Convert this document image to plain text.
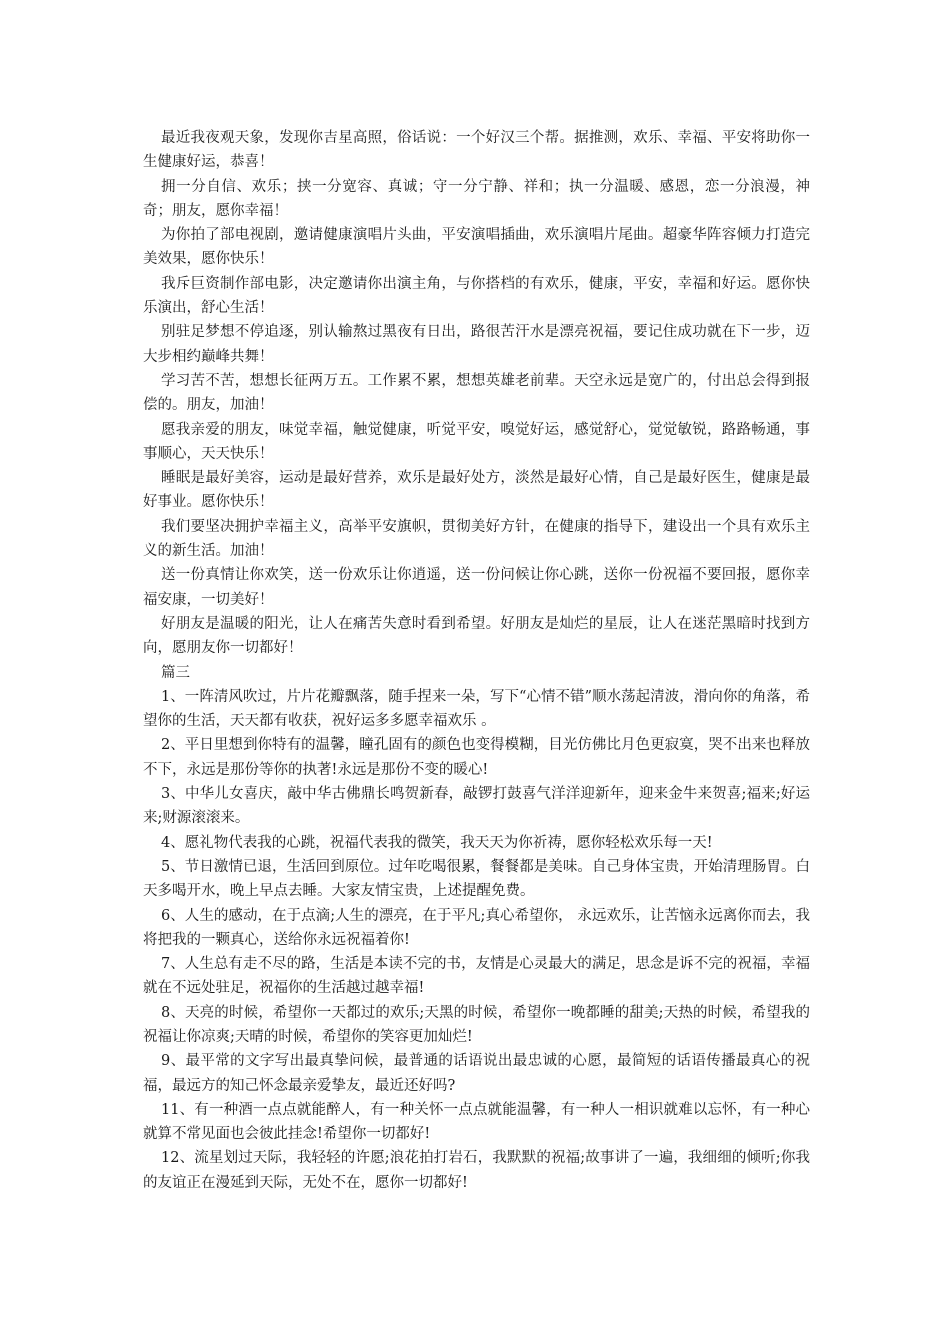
最近我夜观天象，发现你吉星高照，俗话说：一个好汉三个帮。据推测，欢乐、幸福、平安将助你一生健康好运，恭喜！

拥一分自信、欢乐；挟一分宽容、真诚；守一分宁静、祥和；执一分温暖、感恩，恋一分浪漫，神奇；朋友，愿你幸福！

为你拍了部电视剧，邀请健康演唱片头曲，平安演唱插曲，欢乐演唱片尾曲。超豪华阵容倾力打造完美效果，愿你快乐！

我斥巨资制作部电影，决定邀请你出演主角，与你搭档的有欢乐，健康，平安，幸福和好运。愿你快乐演出，舒心生活！

别驻足梦想不停追逐，别认输熬过黑夜有日出，路很苦汗水是漂亮祝福，要记住成功就在下一步，迈大步相约巅峰共舞！

学习苦不苦，想想长征两万五。工作累不累，想想英雄老前辈。天空永远是宽广的，付出总会得到报偿的。朋友，加油！

愿我亲爱的朋友，味觉幸福，触觉健康，听觉平安，嗅觉好运，感觉舒心，觉觉敏锐，路路畅通，事事顺心，天天快乐！

睡眠是最好美容，运动是最好营养，欢乐是最好处方，淡然是最好心情，自己是最好医生，健康是最好事业。愿你快乐！

我们要坚决拥护幸福主义，高举平安旗帜，贯彻美好方针，在健康的指导下，建设出一个具有欢乐主义的新生活。加油！

送一份真情让你欢笑，送一份欢乐让你逍遥，送一份问候让你心跳，送你一份祝福不要回报，愿你幸福安康，一切美好！

好朋友是温暖的阳光，让人在痛苦失意时看到希望。好朋友是灿烂的星辰，让人在迷茫黑暗时找到方向，愿朋友你一切都好！

篇三

1、一阵清风吹过，片片花瓣飘落，随手捏来一朵，写下“心情不错”顺水荡起清波，滑向你的角落，希望你的生活，天天都有收获，祝好运多多愿幸福欢乐 。

2、平日里想到你特有的温馨，瞳孔固有的颜色也变得模糊，目光仿佛比月色更寂寞，哭不出来也释放不下，永远是那份等你的执著!永远是那份不变的暖心!

3、中华儿女喜庆，敲中华古佛鼎长鸣贺新春，敲锣打鼓喜气洋洋迎新年，迎来金牛来贺喜;福来;好运来;财源滚滚来。

4、愿礼物代表我的心跳，祝福代表我的微笑，我天天为你祈祷，愿你轻松欢乐每一天!

5、节日激情已退，生活回到原位。过年吃喝很累，餐餐都是美味。自己身体宝贵，开始清理肠胃。白天多喝开水，晚上早点去睡。大家友情宝贵，上述提醒免费。

6、人生的感动，在于点滴;人生的漂亮，在于平凡;真心希望你， 永远欢乐，让苦恼永远离你而去，我将把我的一颗真心，送给你永远祝福着你!

7、人生总有走不尽的路，生活是本读不完的书，友情是心灵最大的满足，思念是诉不完的祝福，幸福就在不远处驻足，祝福你的生活越过越幸福!

8、天亮的时候，希望你一天都过的欢乐;天黑的时候，希望你一晚都睡的甜美;天热的时候，希望我的祝福让你凉爽;天晴的时候，希望你的笑容更加灿烂!

9、最平常的文字写出最真挚问候，最普通的话语说出最忠诚的心愿，最简短的话语传播最真心的祝福，最远方的知己怀念最亲爱挚友，最近还好吗?

11、有一种酒一点点就能醉人，有一种关怀一点点就能温馨，有一种人一相识就难以忘怀，有一种心就算不常见面也会彼此挂念!希望你一切都好!

12、流星划过天际，我轻轻的许愿;浪花拍打岩石，我默默的祝福;故事讲了一遍，我细细的倾听;你我的友谊正在漫延到天际，无处不在，愿你一切都好!
